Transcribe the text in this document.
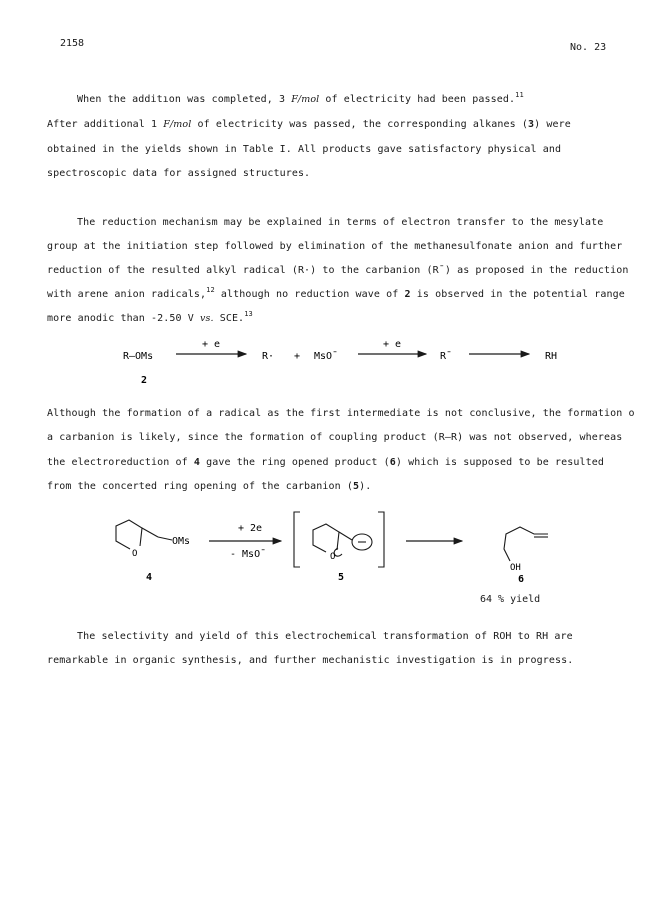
2158	No. 23
When the additıon was completed, 3 F/mol of electricity had been passed.$^{11}$
After additional 1 F/mol of electricity was passed, the corresponding alkanes (3) were
obtained in the yields shown in Table I. All products gave satisfactory physical and
spectroscopic data for assigned structures.
The reduction mechanism may be explained in terms of electron transfer to the mesylate
group at the initiation step followed by elimination of the methanesulfonate anion and further
reduction of the resulted alkyl radical (R·) to the carbanion (R¯) as proposed in the reduction
with arene anion radicals,$^{12}$ although no reduction wave of 2 is observed in the potential range
more anodic than -2.50 V vs. SCE.$^{13}$
R—OMs
2
+ e
R· + MsO¯
+ e
R¯	RH
Although the formation of a radical as the first intermediate is not conclusive, the formation o
a carbanion is likely, since the formation of coupling product (R—R) was not observed, whereas
the electroreduction of 4 gave the ring opened product (6) which is supposed to be resulted
from the concerted ring opening of the carbanion (5).
O
OMs
4
+ 2e
- MsO¯	O
5
OH
6
64 % yield
The selectivity and yield of this electrochemical transformation of ROH to RH are
remarkable in organic synthesis, and further mechanistic investigation is in progress.
